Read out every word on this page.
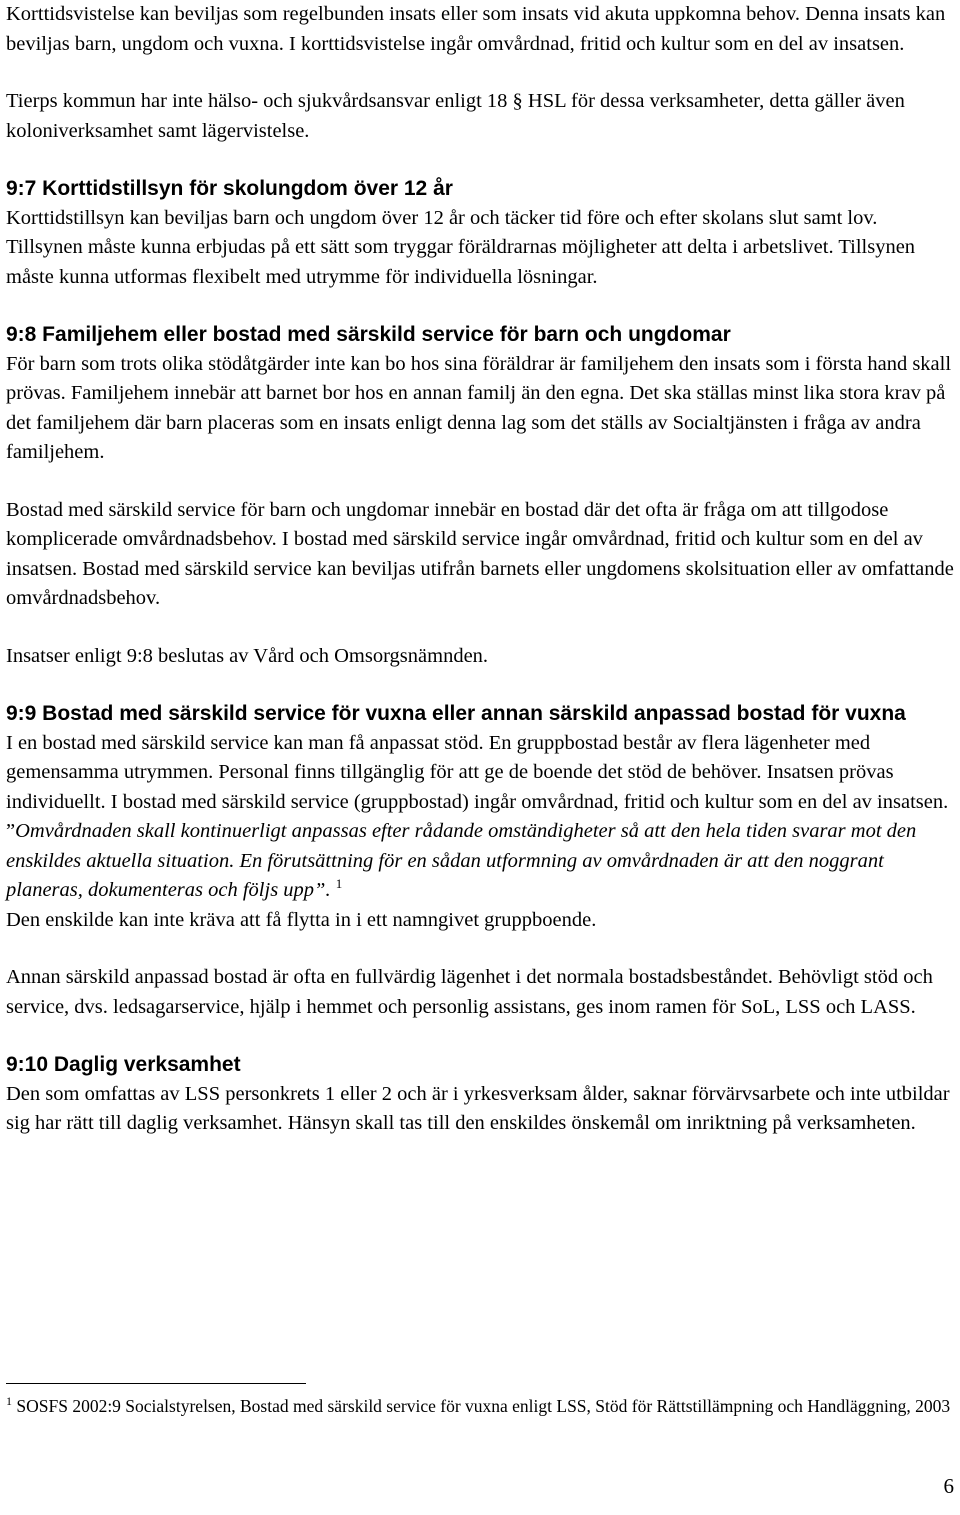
Korttidsvistelse kan beviljas som regelbunden insats eller som insats vid akuta uppkomna behov. Denna insats kan beviljas barn, ungdom och vuxna. I korttidsvistelse ingår omvårdnad, fritid och kultur som en del av insatsen.

Tierps kommun har inte hälso- och sjukvårdsansvar enligt 18 § HSL för dessa verksamheter, detta gäller även koloniverksamhet samt lägervistelse.

9:7 Korttidstillsyn för skolungdom över 12 år

Korttidstillsyn kan beviljas barn och ungdom över 12 år och täcker tid före och efter skolans slut samt lov. Tillsynen måste kunna erbjudas på ett sätt som tryggar föräldrarnas möjligheter att delta i arbetslivet. Tillsynen måste kunna utformas flexibelt med utrymme för individuella lösningar.

9:8 Familjehem eller bostad med särskild service för barn och ungdomar

För barn som trots olika stödåtgärder inte kan bo hos sina föräldrar är familjehem den insats som i första hand skall prövas. Familjehem innebär att barnet bor hos en annan familj än den egna. Det ska ställas minst lika stora krav på det familjehem där barn placeras som en insats enligt denna lag som det ställs av Socialtjänsten i fråga av andra familjehem.

Bostad med särskild service för barn och ungdomar innebär en bostad där det ofta är fråga om att tillgodose komplicerade omvårdnadsbehov. I bostad med särskild service ingår omvårdnad, fritid och kultur som en del av insatsen. Bostad med särskild service kan beviljas utifrån barnets eller ungdomens skolsituation eller av omfattande omvårdnadsbehov.

Insatser enligt 9:8 beslutas av Vård och Omsorgsnämnden.

9:9 Bostad med särskild service för vuxna eller annan särskild anpassad bostad för vuxna

I en bostad med särskild service kan man få anpassat stöd. En gruppbostad består av flera lägenheter med gemensamma utrymmen. Personal finns tillgänglig för att ge de boende det stöd de behöver. Insatsen prövas individuellt. I bostad med särskild service (gruppbostad) ingår omvårdnad, fritid och kultur som en del av insatsen. ”Omvårdnaden skall kontinuerligt anpassas efter rådande omständigheter så att den hela tiden svarar mot den enskildes aktuella situation. En förutsättning för en sådan utformning av omvårdnaden är att den noggrant planeras, dokumenteras och följs upp”. $^1$

Den enskilde kan inte kräva att få flytta in i ett namngivet gruppboende.

Annan särskild anpassad bostad är ofta en fullvärdig lägenhet i det normala bostadsbeståndet. Behövligt stöd och service, dvs. ledsagarservice, hjälp i hemmet och personlig assistans, ges inom ramen för SoL, LSS och LASS.

9:10 Daglig verksamhet

Den som omfattas av LSS personkrets 1 eller 2 och är i yrkesverksam ålder, saknar förvärvsarbete och inte utbildar sig har rätt till daglig verksamhet. Hänsyn skall tas till den enskildes önskemål om inriktning på verksamheten.

$^1$ SOSFS 2002:9 Socialstyrelsen, Bostad med särskild service för vuxna enligt LSS, Stöd för Rättstillämpning och Handläggning, 2003
6
